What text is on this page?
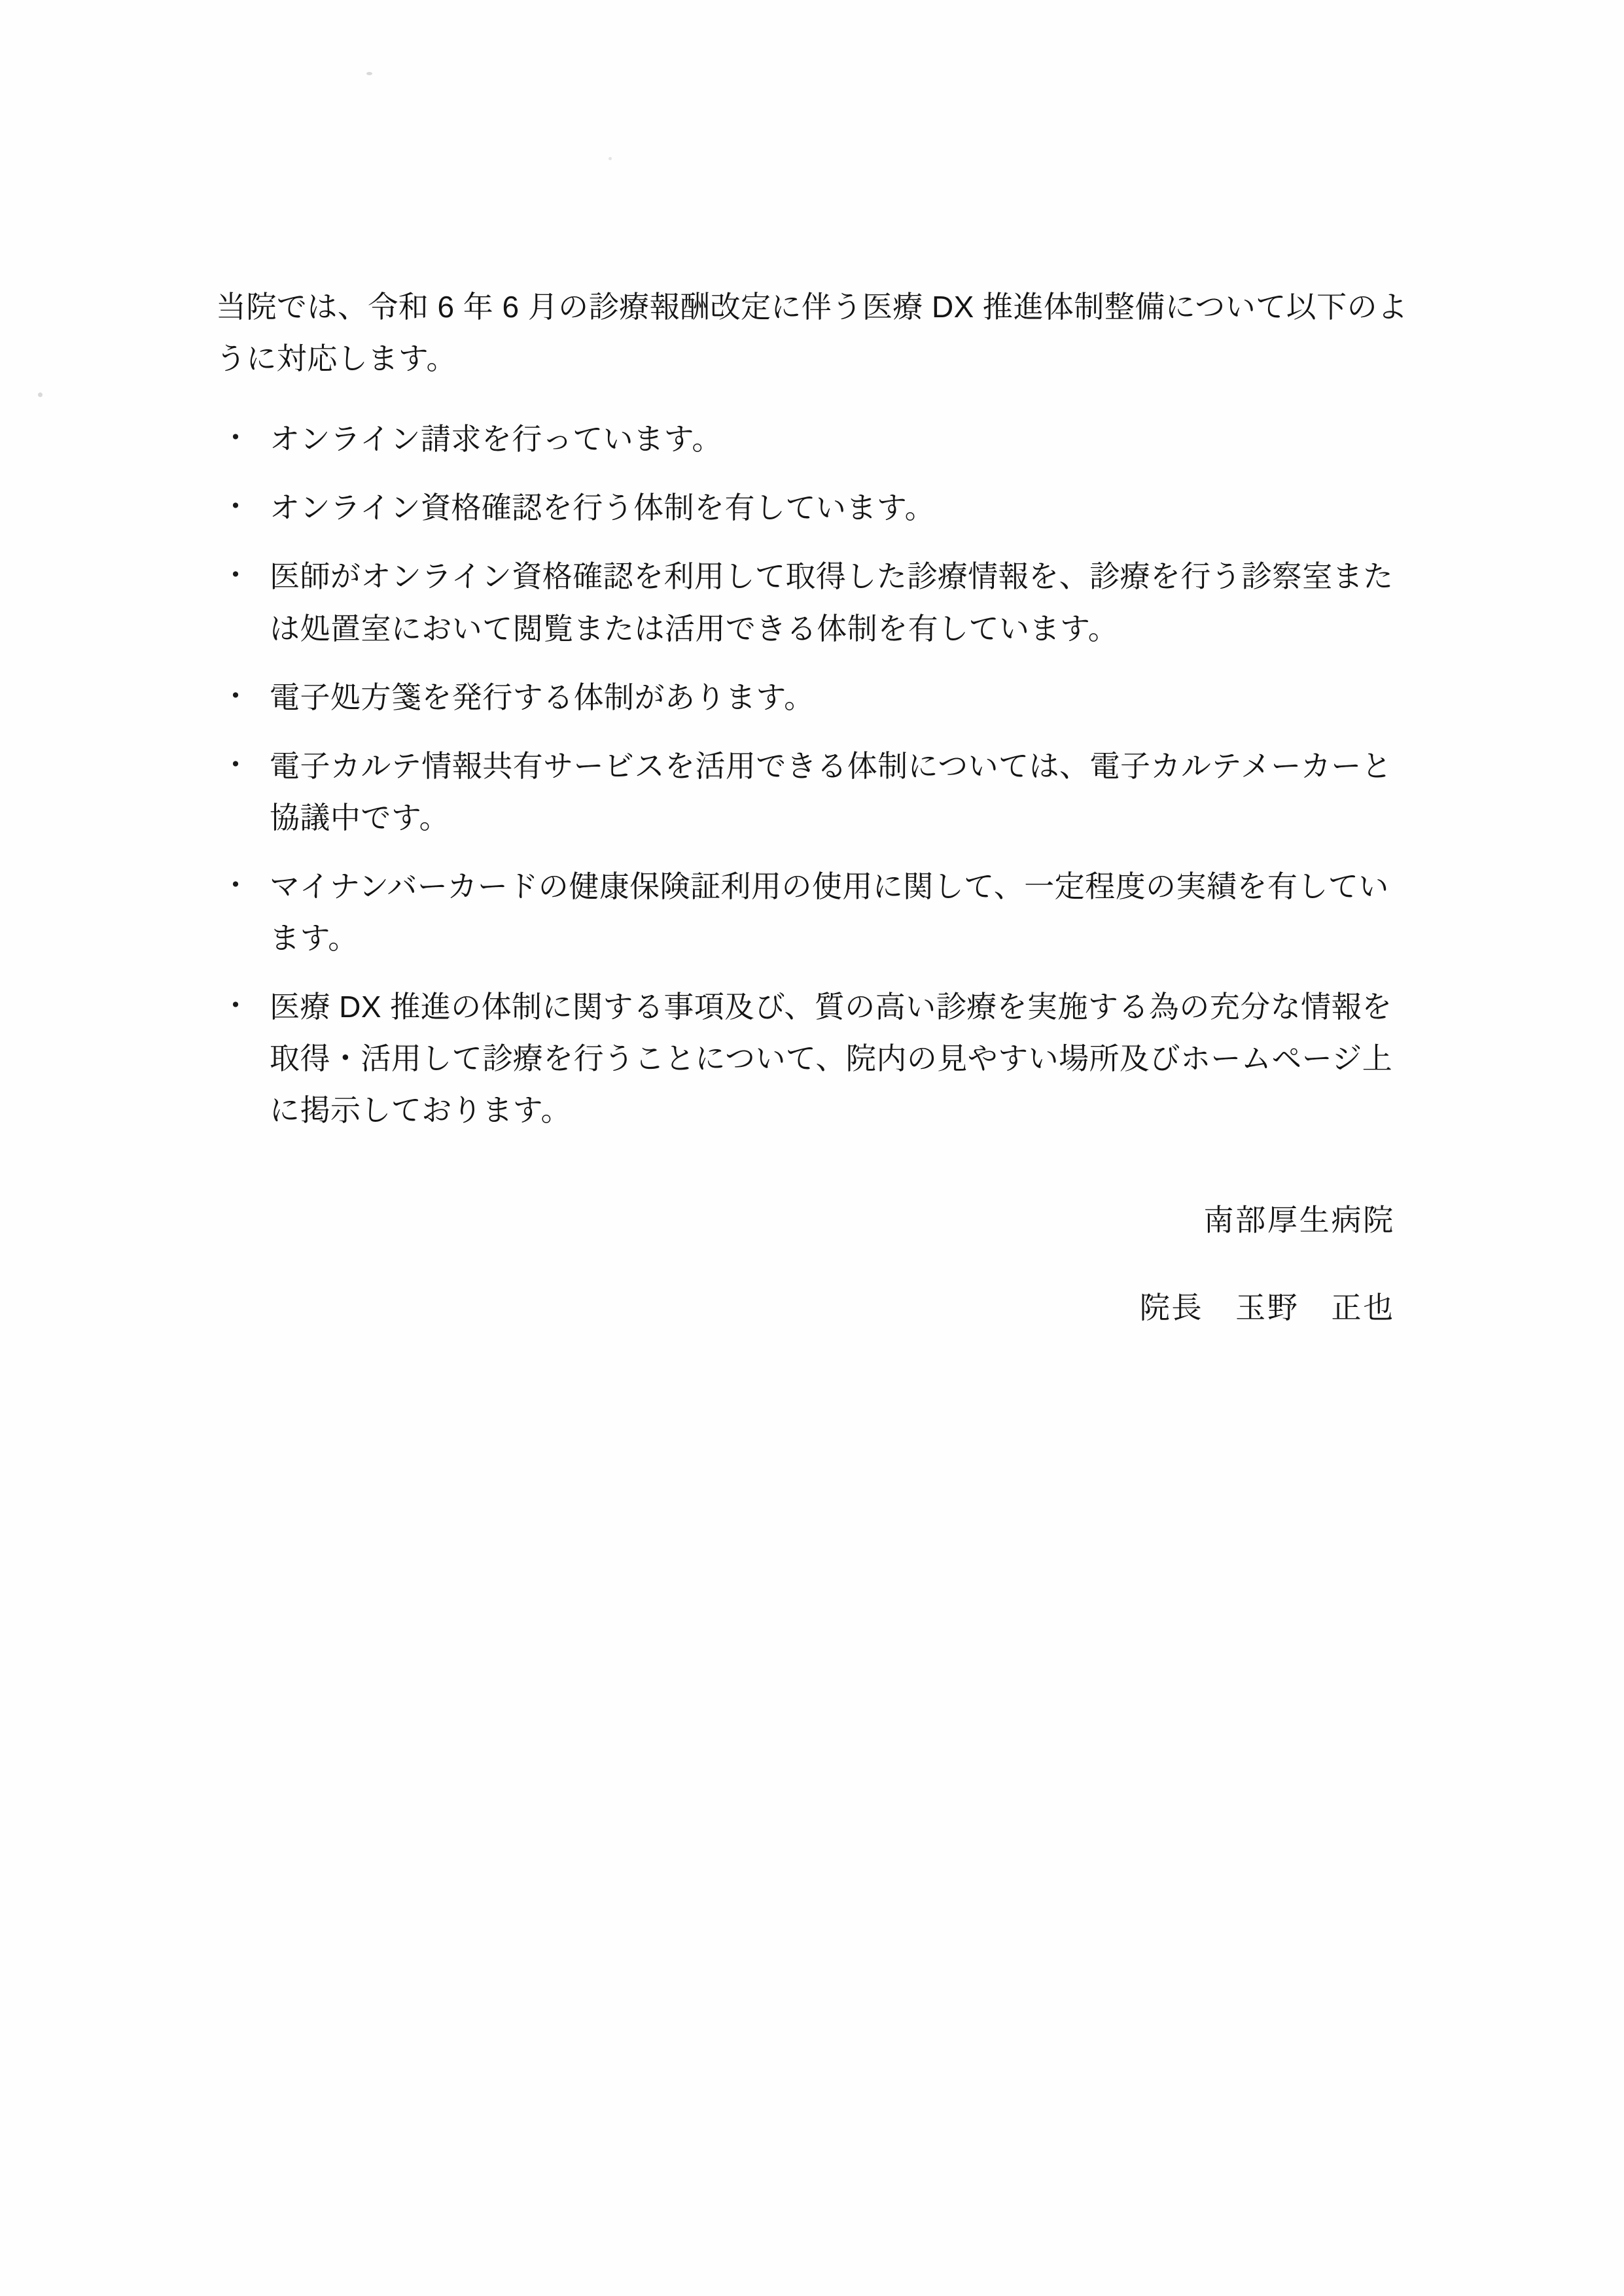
当院では、令和 6 年 6 月の診療報酬改定に伴う医療 DX 推進体制整備について以下のように対応します。

・ オンライン請求を行っています。
・ オンライン資格確認を行う体制を有しています。
・ 医師がオンライン資格確認を利用して取得した診療情報を、診療を行う診察室または処置室において閲覧または活用できる体制を有しています。
・ 電子処方箋を発行する体制があります。
・ 電子カルテ情報共有サービスを活用できる体制については、電子カルテメーカーと協議中です。
・ マイナンバーカードの健康保険証利用の使用に関して、一定程度の実績を有しています。
・ 医療 DX 推進の体制に関する事項及び、質の高い診療を実施する為の充分な情報を取得・活用して診療を行うことについて、院内の見やすい場所及びホームページ上に掲示しております。
南部厚生病院
院長　玉野　正也
